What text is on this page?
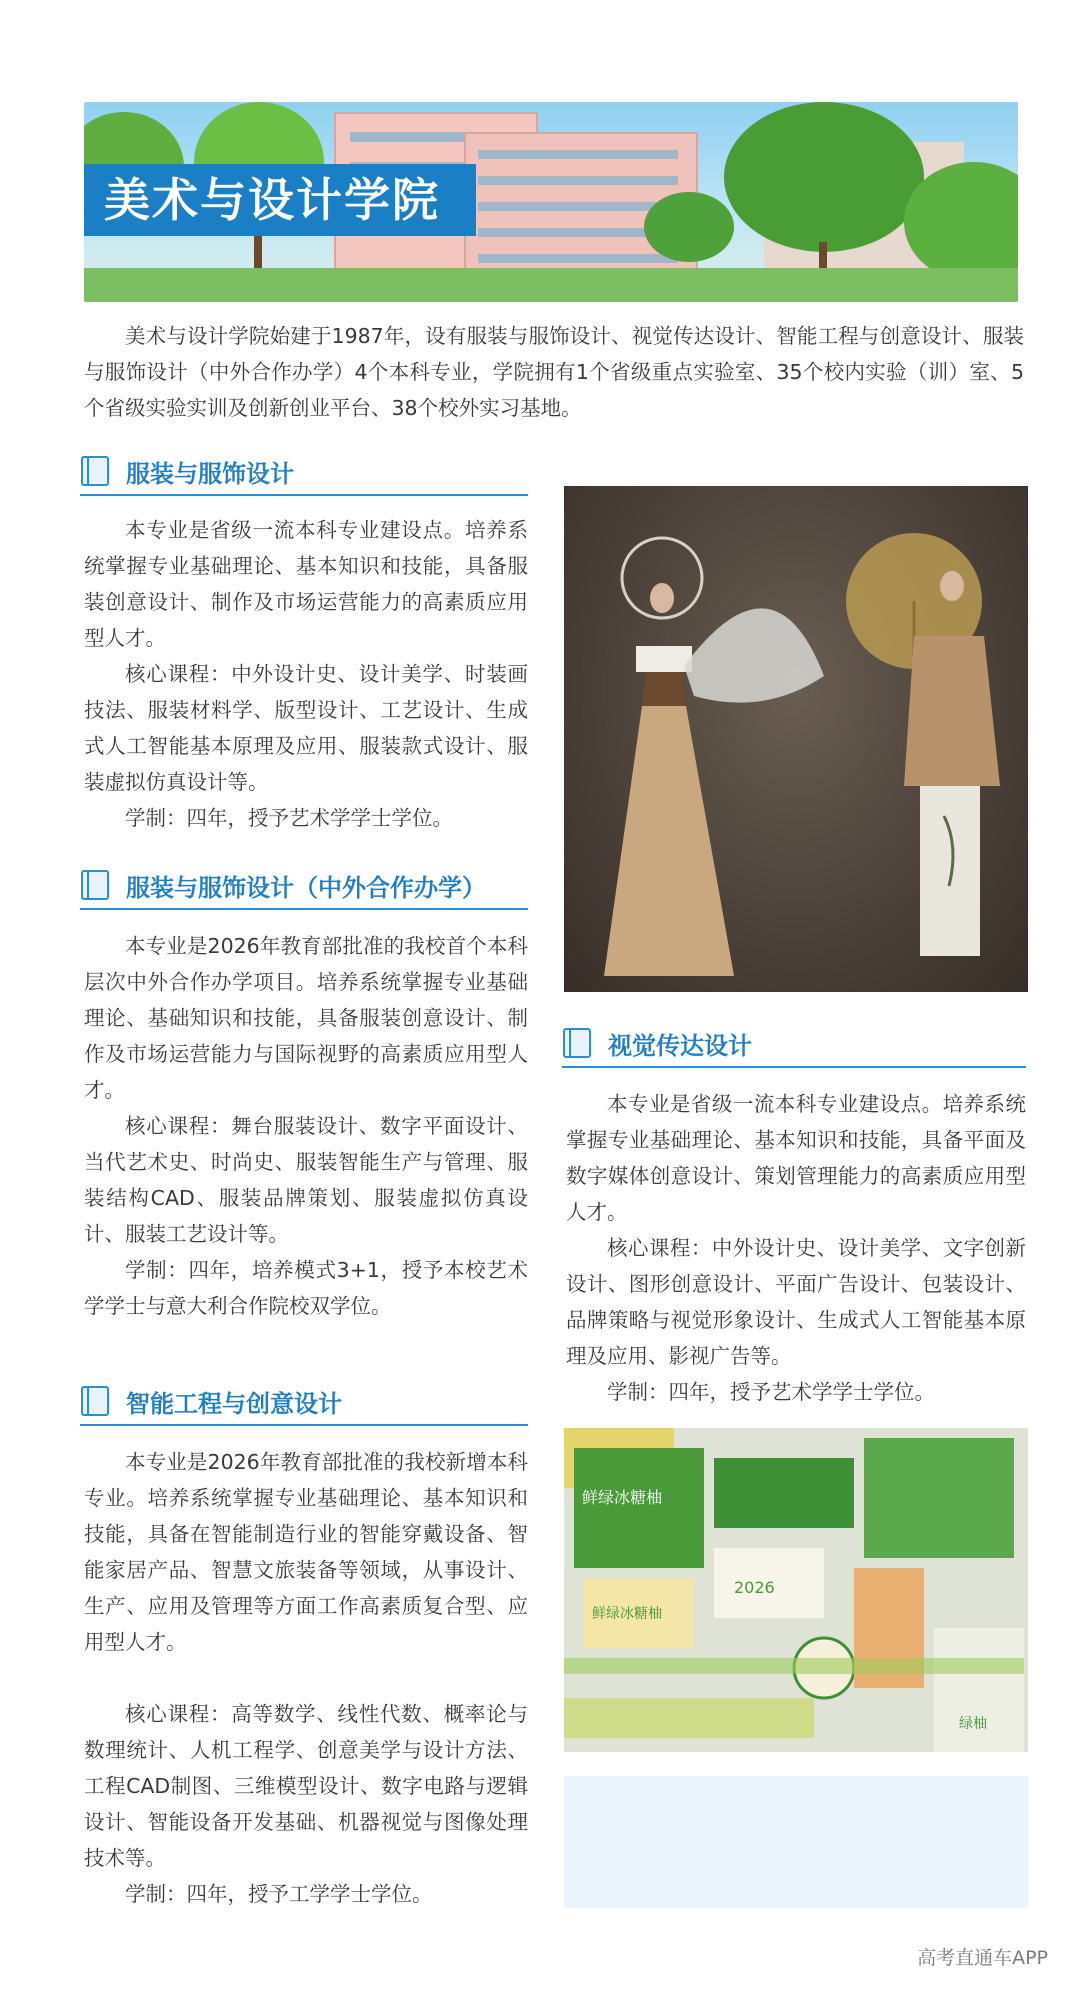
美术与设计学院

美术与设计学院始建于1987年，设有服装与服饰设计、视觉传达设计、智能工程与创意设计、服装与服饰设计（中外合作办学）4个本科专业，学院拥有1个省级重点实验室、35个校内实验（训）室、5个省级实验实训及创新创业平台、38个校外实习基地。

服装与服饰设计

本专业是省级一流本科专业建设点。培养系统掌握专业基础理论、基本知识和技能，具备服装创意设计、制作及市场运营能力的高素质应用型人才。

核心课程：中外设计史、设计美学、时装画技法、服装材料学、版型设计、工艺设计、生成式人工智能基本原理及应用、服装款式设计、服装虚拟仿真设计等。

学制：四年，授予艺术学学士学位。

服装与服饰设计（中外合作办学）

本专业是2026年教育部批准的我校首个本科层次中外合作办学项目。培养系统掌握专业基础理论、基础知识和技能，具备服装创意设计、制作及市场运营能力与国际视野的高素质应用型人才。

核心课程：舞台服装设计、数字平面设计、当代艺术史、时尚史、服装智能生产与管理、服装结构CAD、服装品牌策划、服装虚拟仿真设计、服装工艺设计等。

学制：四年，培养模式3+1，授予本校艺术学学士与意大利合作院校双学位。

智能工程与创意设计

本专业是2026年教育部批准的我校新增本科专业。培养系统掌握专业基础理论、基本知识和技能，具备在智能制造行业的智能穿戴设备、智能家居产品、智慧文旅装备等领域，从事设计、生产、应用及管理等方面工作高素质复合型、应用型人才。

核心课程：高等数学、线性代数、概率论与数理统计、人机工程学、创意美学与设计方法、工程CAD制图、三维模型设计、数字电路与逻辑设计、智能设备开发基础、机器视觉与图像处理技术等。

学制：四年，授予工学学士学位。

视觉传达设计

本专业是省级一流本科专业建设点。培养系统掌握专业基础理论、基本知识和技能，具备平面及数字媒体创意设计、策划管理能力的高素质应用型人才。

核心课程：中外设计史、设计美学、文字创新设计、图形创意设计、平面广告设计、包装设计、品牌策略与视觉形象设计、生成式人工智能基本原理及应用、影视广告等。

学制：四年，授予艺术学学士学位。

鲜绿冰糖柚
鲜绿冰糖柚
2026
绿柚
高考直通车APP
